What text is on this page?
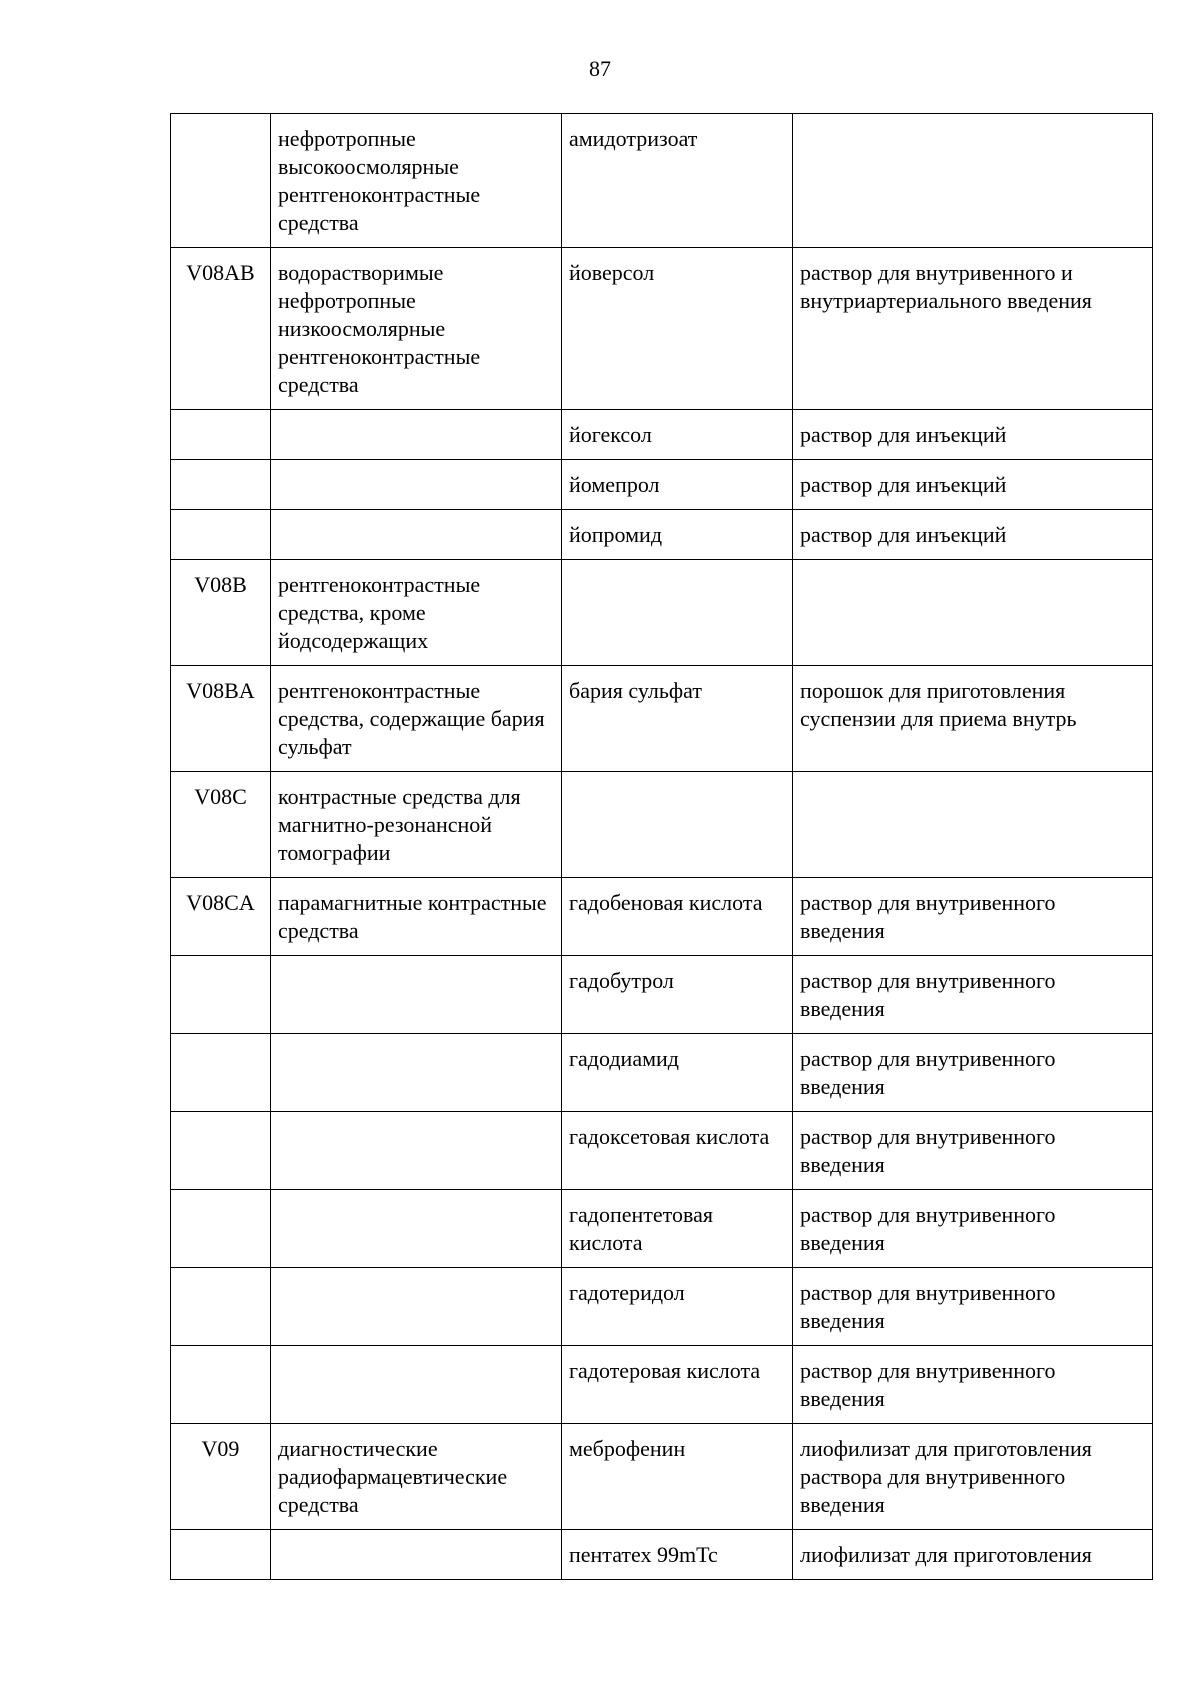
87
	нефротропные высокоосмолярные рентгеноконтрастные средства	амидотризоат	
V08AB	водорастворимые нефротропные низкоосмолярные рентгеноконтрастные средства	йоверсол	раствор для внутривенного и внутриартериального введения
		йогексол	раствор для инъекций
		йомепрол	раствор для инъекций
		йопромид	раствор для инъекций
V08B	рентгеноконтрастные средства, кроме йодсодержащих		
V08BA	рентгеноконтрастные средства, содержащие бария сульфат	бария сульфат	порошок для приготовления суспензии для приема внутрь
V08C	контрастные средства для магнитно-резонансной томографии		
V08CA	парамагнитные контрастные средства	гадобеновая кислота	раствор для внутривенного введения
		гадобутрол	раствор для внутривенного введения
		гадодиамид	раствор для внутривенного введения
		гадоксетовая кислота	раствор для внутривенного введения
		гадопентетовая кислота	раствор для внутривенного введения
		гадотеридол	раствор для внутривенного введения
		гадотеровая кислота	раствор для внутривенного введения
V09	диагностические радиофармацевтические средства	меброфенин	лиофилизат для приготовления раствора для внутривенного введения
		пентатех 99mTc	лиофилизат для приготовления
